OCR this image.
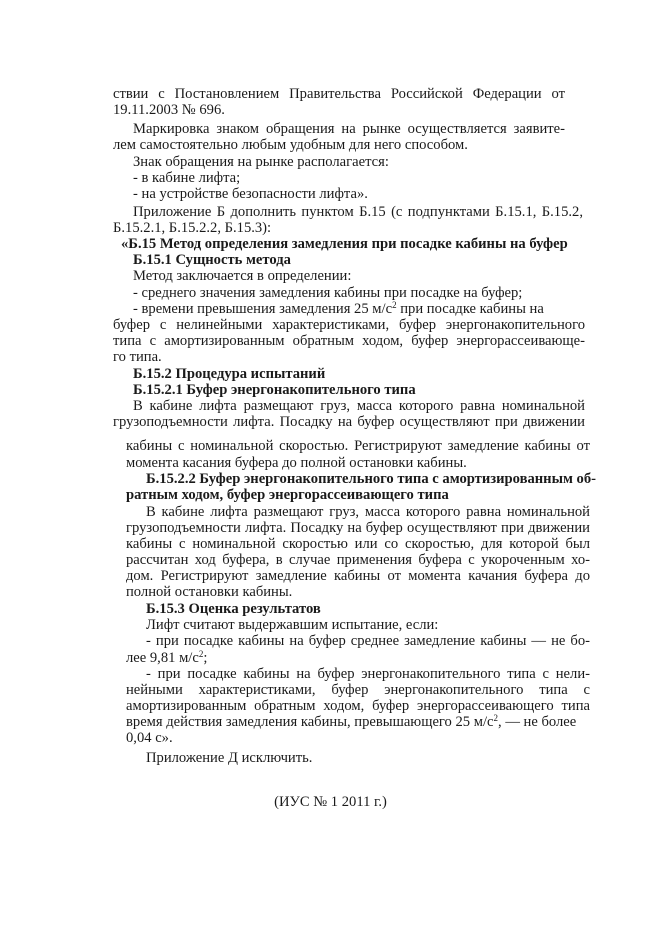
ствии с Постановлением Правительства Российской Федерации от
19.11.2003 № 696.
Маркировка знаком обращения на рынке осуществляется заявите-
лем самостоятельно любым удобным для него способом.
Знак обращения на рынке располагается:
- в кабине лифта;
- на устройстве безопасности лифта».
Приложение Б дополнить пунктом Б.15 (с подпунктами Б.15.1, Б.15.2,
Б.15.2.1, Б.15.2.2, Б.15.3):
«Б.15 Метод определения замедления при посадке кабины на буфер
Б.15.1 Сущность метода
Метод заключается в определении:
- среднего значения замедления кабины при посадке на буфер;
- времени превышения замедления 25 $м/с^2$ при посадке кабины на
буфер с нелинейными характеристиками, буфер энергонакопительного
типа с амортизированным обратным ходом, буфер энергорассеивающе-
го типа.
Б.15.2 Процедура испытаний
Б.15.2.1 Буфер энергонакопительного типа
В кабине лифта размещают груз, масса которого равна номинальной
грузоподъемности лифта. Посадку на буфер осуществляют при движении
кабины с номинальной скоростью. Регистрируют замедление кабины от
момента касания буфера до полной остановки кабины.
Б.15.2.2 Буфер энергонакопительного типа с амортизированным об-
ратным ходом, буфер энергорассеивающего типа
В кабине лифта размещают груз, масса которого равна номинальной
грузоподъемности лифта. Посадку на буфер осуществляют при движении
кабины с номинальной скоростью или со скоростью, для которой был
рассчитан ход буфера, в случае применения буфера с укороченным хо-
дом. Регистрируют замедление кабины от момента качания буфера до
полной остановки кабины.
Б.15.3 Оценка результатов
Лифт считают выдержавшим испытание, если:
- при посадке кабины на буфер среднее замедление кабины — не бо-
лее 9,81 $м/с^2$;
- при посадке кабины на буфер энергонакопительного типа с нели-
нейными характеристиками, буфер энергонакопительного типа с
амортизированным обратным ходом, буфер энергорассеивающего типа
время действия замедления кабины, превышающего 25 $м/с^2$, — не более
0,04 с».
Приложение Д исключить.
(ИУС № 1 2011 г.)
